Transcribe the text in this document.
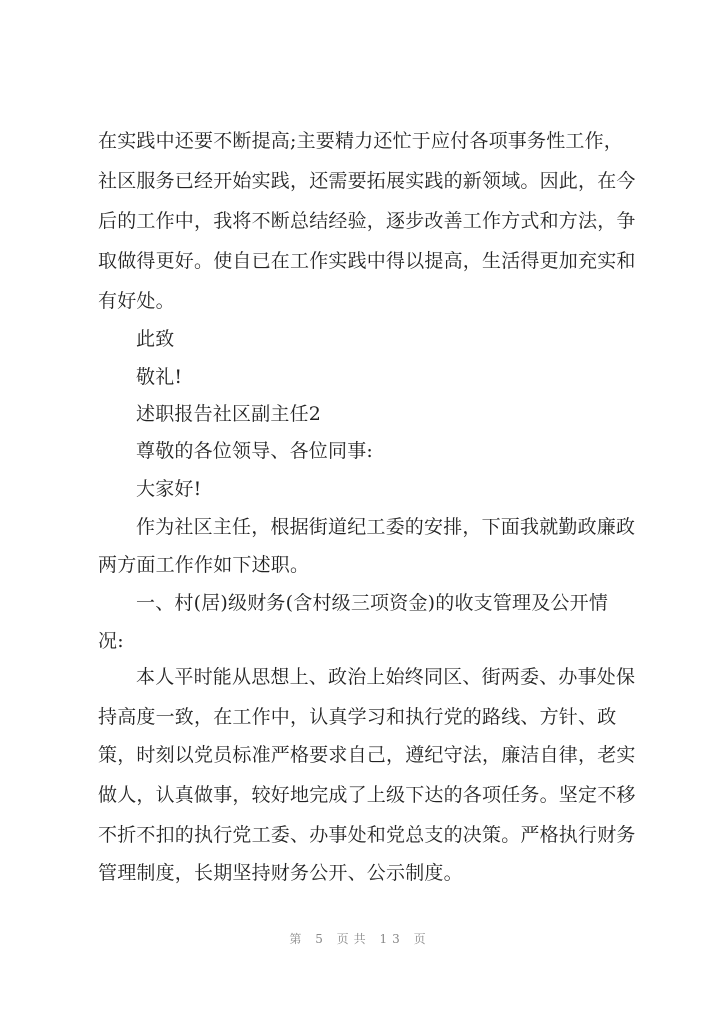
在实践中还要不断提高;主要精力还忙于应付各项事务性工作，
社区服务已经开始实践，还需要拓展实践的新领域。因此，在今
后的工作中，我将不断总结经验，逐步改善工作方式和方法，争
取做得更好。使自已在工作实践中得以提高，生活得更加充实和
有好处。
此致
敬礼!
述职报告社区副主任2
尊敬的各位领导、各位同事:
大家好!
作为社区主任，根据街道纪工委的安排，下面我就勤政廉政
两方面工作作如下述职。
一、村(居)级财务(含村级三项资金)的收支管理及公开情
况:
本人平时能从思想上、政治上始终同区、街两委、办事处保
持高度一致，在工作中，认真学习和执行党的路线、方针、政
策，时刻以党员标准严格要求自己，遵纪守法，廉洁自律，老实
做人，认真做事，较好地完成了上级下达的各项任务。坚定不移
不折不扣的执行党工委、办事处和党总支的决策。严格执行财务
管理制度，长期坚持财务公开、公示制度。
第 5 页共 13 页
